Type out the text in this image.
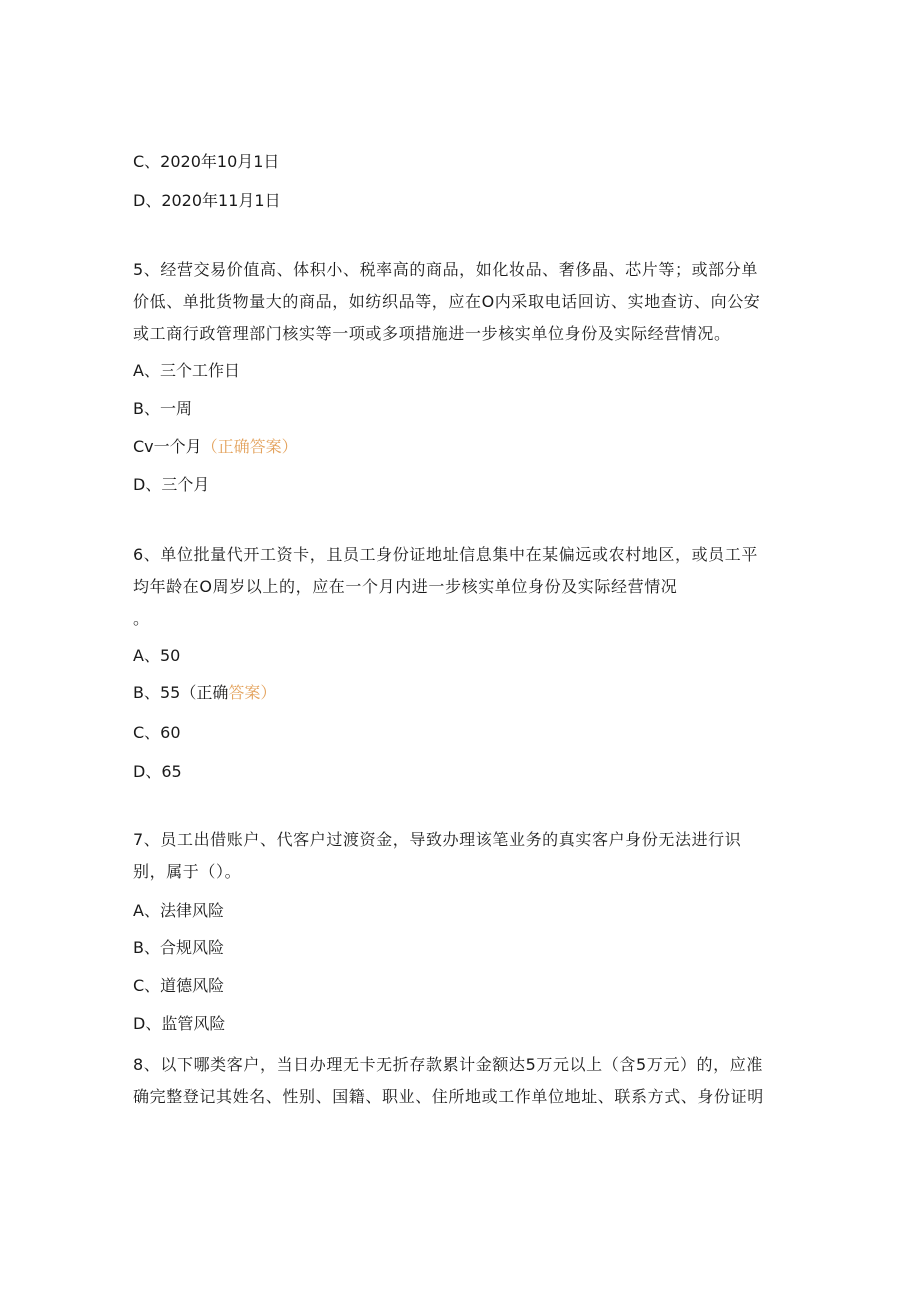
C、2020年10月1日
D、2020年11月1日
5、经营交易价值高、体积小、税率高的商品，如化妆品、奢侈晶、芯片等；或部分单
价低、单批货物量大的商品，如纺织品等，应在O内采取电话回访、实地查访、向公安
或工商行政管理部门核实等一项或多项措施进一步核实单位身份及实际经营情况。
A、三个工作日
B、一周
Cv一个月（正确答案）
D、三个月
6、单位批量代开工资卡，且员工身份证地址信息集中在某偏远或农村地区，或员工平
均年龄在O周岁以上的，应在一个月内进一步核实单位身份及实际经营情况
。
A、50
B、55（正确答案）
C、60
D、65
7、员工出借账户、代客户过渡资金，导致办理该笔业务的真实客户身份无法进行识
别，属于（）。
A、法律风险
B、合规风险
C、道德风险
D、监管风险
8、以下哪类客户，当日办理无卡无折存款累计金额达5万元以上（含5万元）的，应准
确完整登记其姓名、性别、国籍、职业、住所地或工作单位地址、联系方式、身份证明
